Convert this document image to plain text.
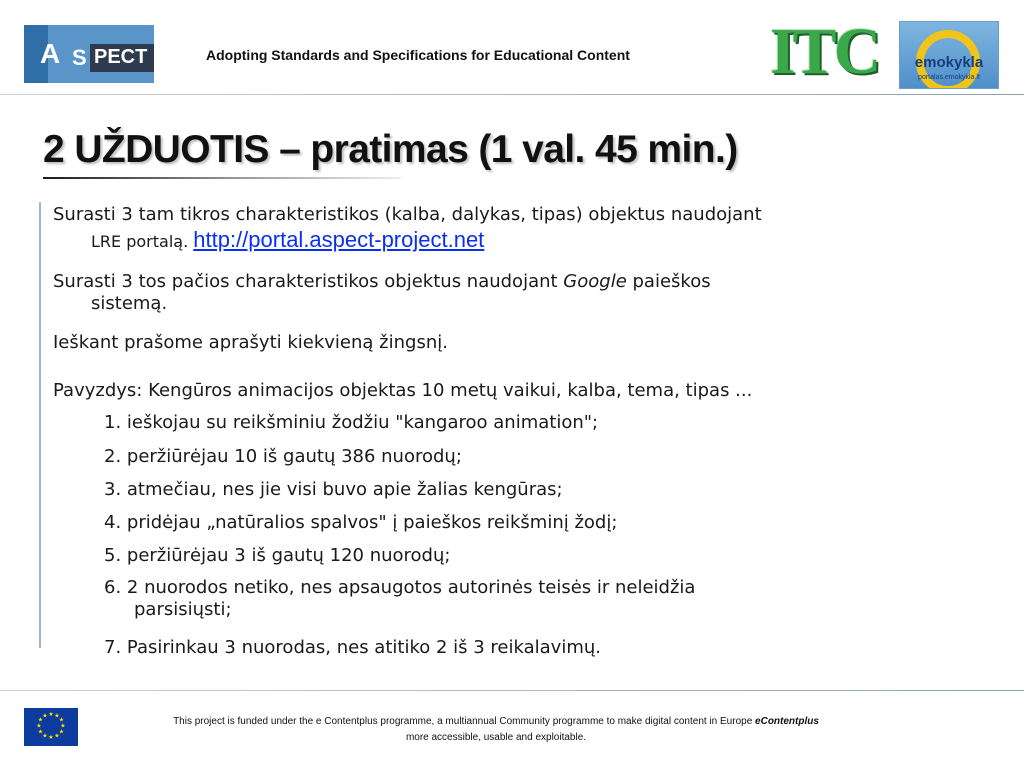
A S PECT	Adopting Standards and Specifications for Educational Content ITC	emokykla
portalas.emokykla.lt
2 UŽDUOTIS – pratimas (1 val. 45 min.)
Surasti 3 tam tikros charakteristikos (kalba, dalykas, tipas) objektus naudojant
LRE portalą. http://portal.aspect-project.net
Surasti 3 tos pačios charakteristikos objektus naudojant Google paieškos
sistemą.
Ieškant prašome aprašyti kiekvieną žingsnį.
Pavyzdys: Kengūros animacijos objektas 10 metų vaikui, kalba, tema, tipas ...
1. ieškojau su reikšminiu žodžiu "kangaroo animation";
2. peržiūrėjau 10 iš gautų 386 nuorodų;
3. atmečiau, nes jie visi buvo apie žalias kengūras;
4. pridėjau „natūralios spalvos" į paieškos reikšminį žodį;
5. peržiūrėjau 3 iš gautų 120 nuorodų;
6. 2 nuorodos netiko, nes apsaugotos autorinės teisės ir neleidžia
parsisiųsti;
7. Pasirinkau 3 nuorodas, nes atitiko 2 iš 3 reikalavimų.
★ ★
★
★
★
★
★
★
★
★
★
★	This project is funded under the e Contentplus programme, a multiannual Community programme to make digital content in Europe eContentplus
more accessible, usable and exploitable.
